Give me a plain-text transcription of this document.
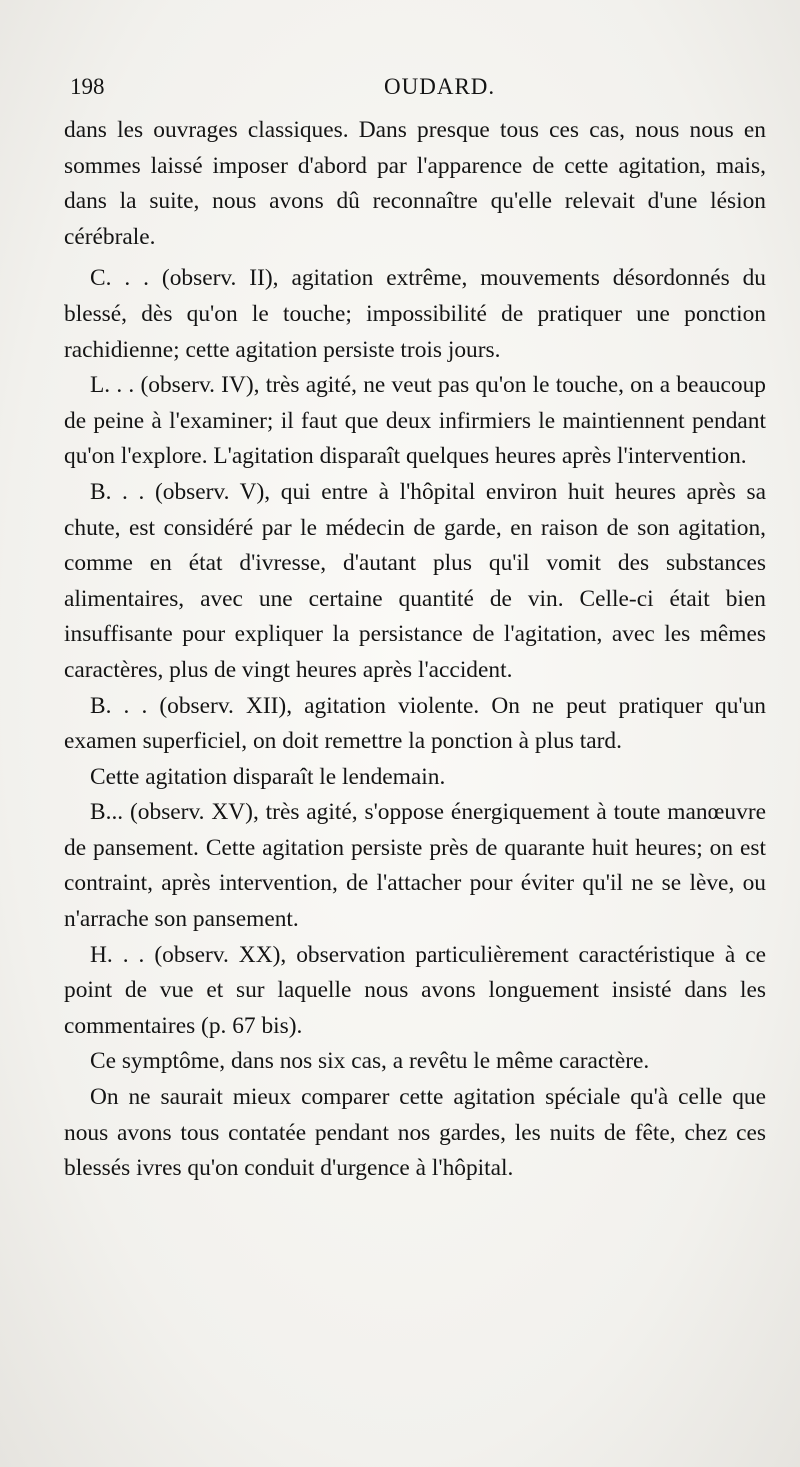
198	OUDARD.

dans les ouvrages classiques. Dans presque tous ces cas, nous nous en sommes laissé imposer d'abord par l'apparence de cette agitation, mais, dans la suite, nous avons dû reconnaître qu'elle relevait d'une lésion cérébrale.

C. . . (observ. II), agitation extrême, mouvements désordonnés du blessé, dès qu'on le touche; impossibilité de pratiquer une ponction rachidienne; cette agitation persiste trois jours.

L. . . (observ. IV), très agité, ne veut pas qu'on le touche, on a beaucoup de peine à l'examiner; il faut que deux infirmiers le maintiennent pendant qu'on l'explore. L'agitation disparaît quelques heures après l'intervention.

B. . . (observ. V), qui entre à l'hôpital environ huit heures après sa chute, est considéré par le médecin de garde, en raison de son agitation, comme en état d'ivresse, d'autant plus qu'il vomit des substances alimentaires, avec une certaine quantité de vin. Celle-ci était bien insuffisante pour expliquer la persistance de l'agitation, avec les mêmes caractères, plus de vingt heures après l'accident.

B. . . (observ. XII), agitation violente. On ne peut pratiquer qu'un examen superficiel, on doit remettre la ponction à plus tard.

Cette agitation disparaît le lendemain.

B... (observ. XV), très agité, s'oppose énergiquement à toute manœuvre de pansement. Cette agitation persiste près de quarante huit heures; on est contraint, après intervention, de l'attacher pour éviter qu'il ne se lève, ou n'arrache son pansement.

H. . . (observ. XX), observation particulièrement caractéristique à ce point de vue et sur laquelle nous avons longuement insisté dans les commentaires (p. 67 bis).

Ce symptôme, dans nos six cas, a revêtu le même caractère.

On ne saurait mieux comparer cette agitation spéciale qu'à celle que nous avons tous contatée pendant nos gardes, les nuits de fête, chez ces blessés ivres qu'on conduit d'urgence à l'hôpital.
